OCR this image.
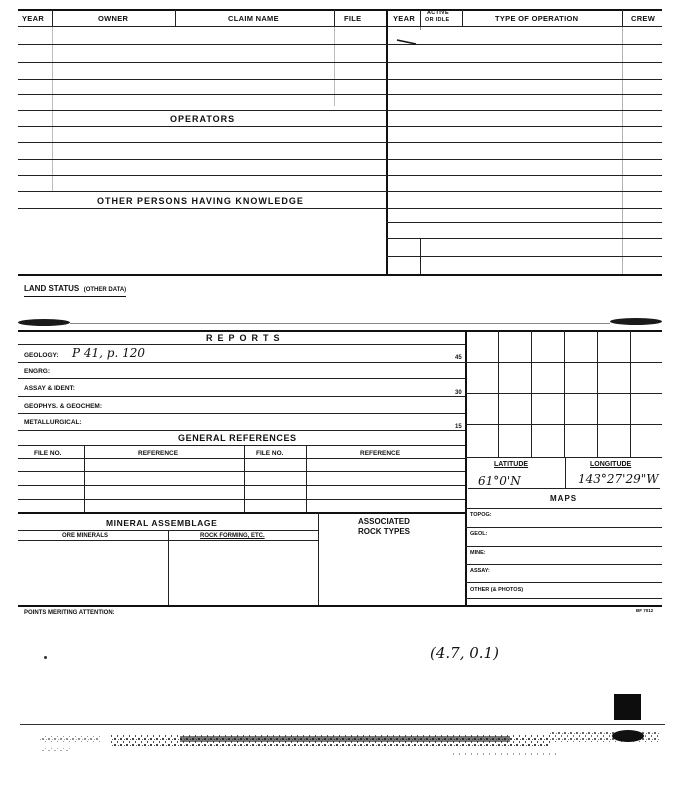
YEAR	OWNER	CLAIM NAME	FILE	YEAR
ACTIVE
OR IDLE	TYPE OF OPERATION	CREW
OPERATORS
OTHER PERSONS HAVING KNOWLEDGE
LAND STATUS (OTHER DATA)
REPORTS
GEOLOGY: P 41, p. 120	45
ENGRG:
ASSAY & IDENT:
30
GEOPHYS. & GEOCHEM:
METALLURGICAL:
15
GENERAL REFERENCES
FILE NO.	REFERENCE	FILE NO.	REFERENCE
LATITUDE	LONGITUDE
61°0'N	143°27'29"W
MAPS
TOPOG:
GEOL:
MINE:
ASSAY:
OTHER (& PHOTOS)
MINERAL ASSEMBLAGE	ASSOCIATED
ROCK TYPES
ORE MINERALS	ROCK FORMING, ETC.
POINTS MERITING ATTENTION:	BF 7012
(4.7, 0.1)
